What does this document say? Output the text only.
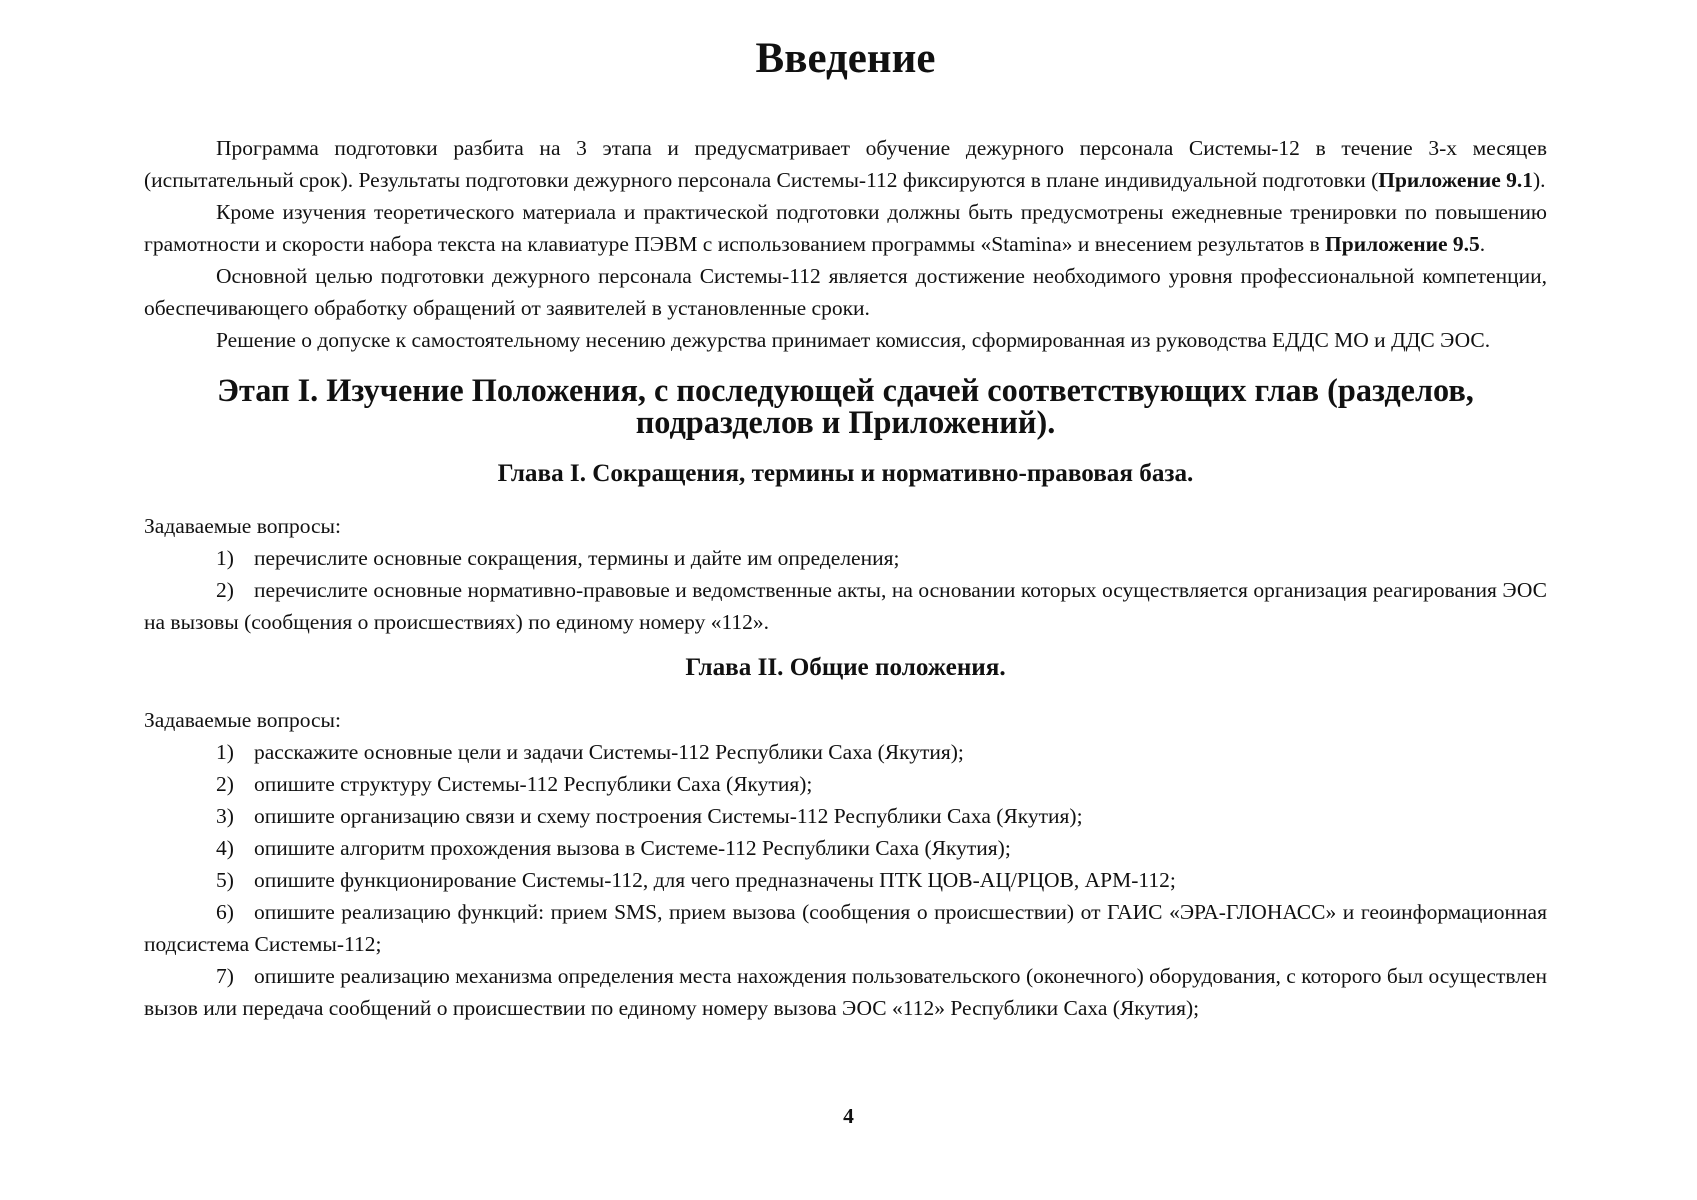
Введение

Программа подготовки разбита на 3 этапа и предусматривает обучение дежурного персонала Системы-12 в течение 3-х месяцев (испытательный срок). Результаты подготовки дежурного персонала Системы-112 фиксируются в плане индивидуальной подготовки (Приложение 9.1).

Кроме изучения теоретического материала и практической подготовки должны быть предусмотрены ежедневные тренировки по повышению грамотности и скорости набора текста на клавиатуре ПЭВМ с использованием программы «Stamina» и внесением результатов в Приложение 9.5.

Основной целью подготовки дежурного персонала Системы-112 является достижение необходимого уровня профессиональной компетенции, обеспечивающего обработку обращений от заявителей в установленные сроки.

Решение о допуске к самостоятельному несению дежурства принимает комиссия, сформированная из руководства ЕДДС МО и ДДС ЭОС.

Этап I. Изучение Положения, с последующей сдачей соответствующих глав (разделов, подразделов и Приложений).
Глава I. Сокращения, термины и нормативно-правовая база.

Задаваемые вопросы:

1) перечислите основные сокращения, термины и дайте им определения;

2) перечислите основные нормативно-правовые и ведомственные акты, на основании которых осуществляется организация реагирования ЭОС на вызовы (сообщения о происшествиях) по единому номеру «112».

Глава II. Общие положения.

Задаваемые вопросы:

1) расскажите основные цели и задачи Системы-112 Республики Саха (Якутия);

2) опишите структуру Системы-112 Республики Саха (Якутия);

3) опишите организацию связи и схему построения Системы-112 Республики Саха (Якутия);

4) опишите алгоритм прохождения вызова в Системе-112 Республики Саха (Якутия);

5) опишите функционирование Системы-112, для чего предназначены ПТК ЦОВ-АЦ/РЦОВ, АРМ-112;

6) опишите реализацию функций: прием SMS, прием вызова (сообщения о происшествии) от ГАИС «ЭРА-ГЛОНАСС» и геоинформационная подсистема Системы-112;

7) опишите реализацию механизма определения места нахождения пользовательского (оконечного) оборудования, с которого был осуществлен вызов или передача сообщений о происшествии по единому номеру вызова ЭОС «112» Республики Саха (Якутия);

4
